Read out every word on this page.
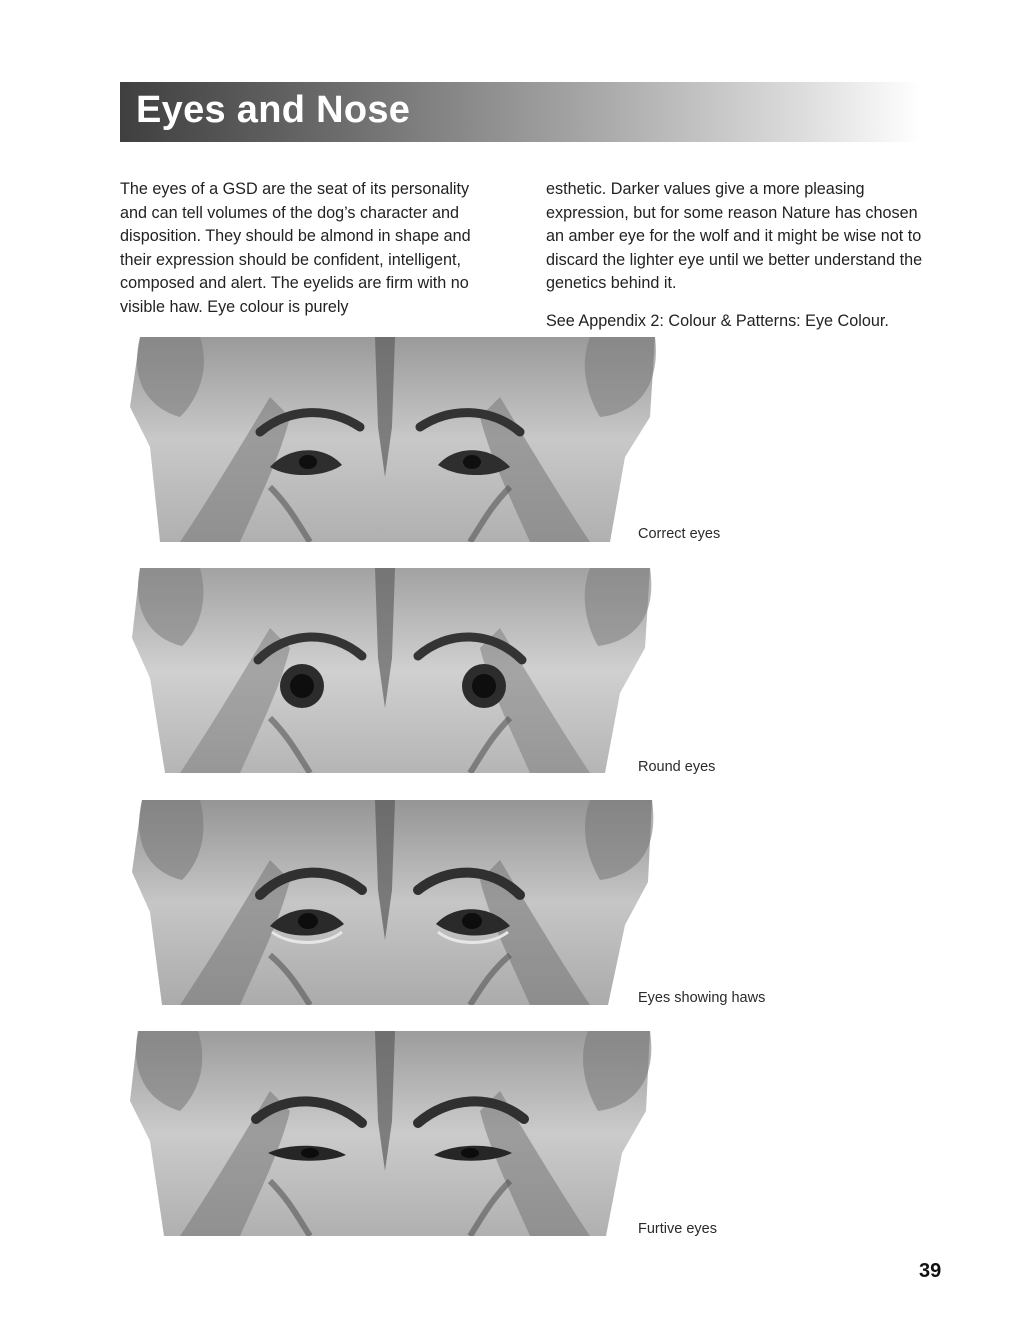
Eyes and Nose

The eyes of a GSD are the seat of its personality and can tell volumes of the dog’s character and disposition. They should be almond in shape and their expression should be confident, intelligent, composed and alert. The eyelids are firm with no visible haw. Eye colour is purely

esthetic. Darker values give a more pleasing expression, but for some reason Nature has chosen an amber eye for the wolf and it might be wise not to discard the lighter eye until we better understand the genetics behind it.

See Appendix 2: Colour & Patterns: Eye Colour.

Correct eyes
Round eyes
Eyes showing haws
Furtive eyes
39
